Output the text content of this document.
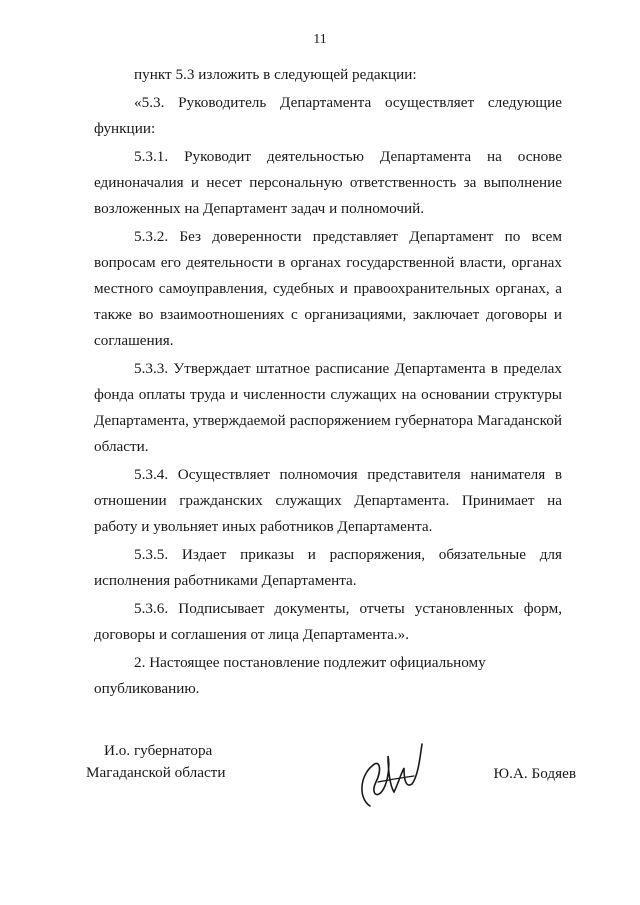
11

пункт 5.3 изложить в следующей редакции:

«5.3. Руководитель Департамента осуществляет следующие функции:

5.3.1. Руководит деятельностью Департамента на основе единоначалия и несет персональную ответственность за выполнение возложенных на Департамент задач и полномочий.

5.3.2. Без доверенности представляет Департамент по всем вопросам его деятельности в органах государственной власти, органах местного самоуправления, судебных и правоохранительных органах, а также во взаимоотношениях с организациями, заключает договоры и соглашения.

5.3.3. Утверждает штатное расписание Департамента в пределах фонда оплаты труда и численности служащих на основании структуры Департамента, утверждаемой распоряжением губернатора Магаданской области.

5.3.4. Осуществляет полномочия представителя нанимателя в отношении гражданских служащих Департамента. Принимает на работу и увольняет иных работников Департамента.

5.3.5. Издает приказы и распоряжения, обязательные для исполнения работниками Департамента.

5.3.6. Подписывает документы, отчеты установленных форм, договоры и соглашения от лица Департамента.».

2. Настоящее постановление подлежит официальному опубликованию.

И.о. губернатора
Магаданской области	Ю.А. Бодяев
